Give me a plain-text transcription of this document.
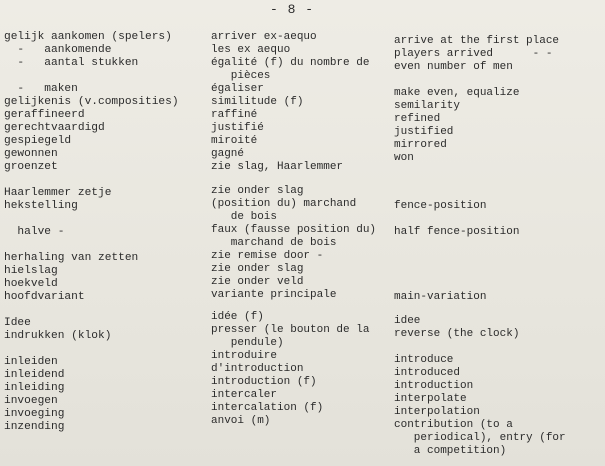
- 8 -
gelijk aankomen (spelers)
-   aankomende
-   aantal stukken
-   maken
gelijkenis (v.composities)
geraffineerd
gerechtvaardigd
gespiegeld
gewonnen
groenzet
Haarlemmer zetje
hekstelling
halve -
herhaling van zetten
hielslag
hoekveld
hoofdvariant
Idee
indrukken (klok)
inleiden
inleidend
inleiding
invoegen
invoeging
inzending
arriver ex-aequo
les ex aequo
égalité (f) du nombre de
pièces
égaliser
similitude (f)
raffiné
justifié
miroité
gagné
zie slag, Haarlemmer
zie onder slag
(position du) marchand
de bois
faux (fausse position du)
marchand de bois
zie remise door -
zie onder slag
zie onder veld
variante principale
idée (f)
presser (le bouton de la
pendule)
introduire
d'introduction
introduction (f)
intercaler
intercalation (f)
anvoi (m)
arrive at the first place
players arrived      - -
even number of men
make even, equalize
semilarity
refined
justified
mirrored
won
fence-position
half fence-position
main-variation
idee
reverse (the clock)
introduce
introduced
introduction
interpolate
interpolation
contribution (to a
periodical), entry (for
a competition)
